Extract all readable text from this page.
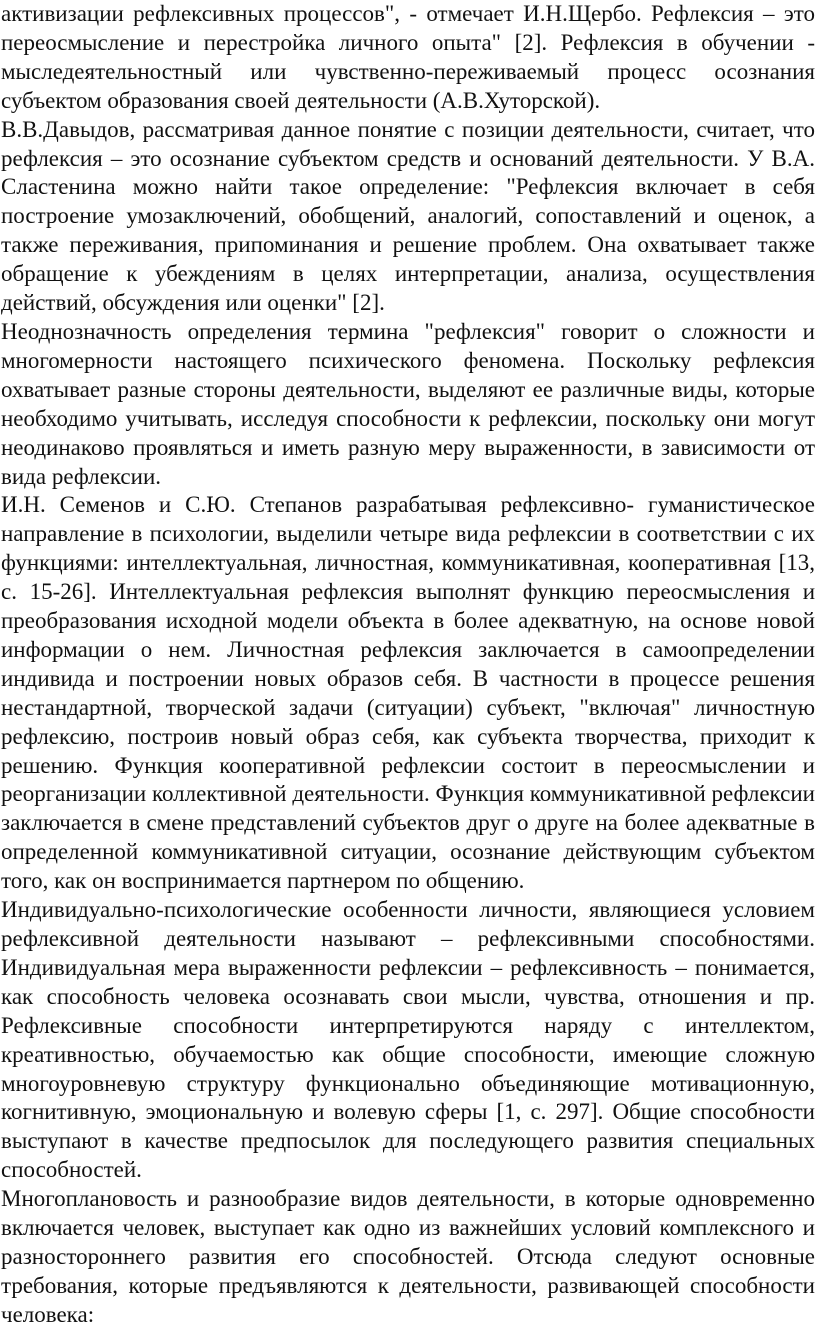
активизации рефлексивных процессов", - отмечает И.Н.Щербо. Рефлексия – это переосмысление и перестройка личного опыта" [2]. Рефлексия в обучении - мыследеятельностный или чувственно-переживаемый процесс осознания субъектом образования своей деятельности (А.В.Хуторской).

В.В.Давыдов, рассматривая данное понятие с позиции деятельности, считает, что рефлексия – это осознание субъектом средств и оснований деятельности. У В.А. Сластенина можно найти такое определение: "Рефлексия включает в себя построение умозаключений, обобщений, аналогий, сопоставлений и оценок, а также переживания, припоминания и решение проблем. Она охватывает также обращение к убеждениям в целях интерпретации, анализа, осуществления действий, обсуждения или оценки" [2].

Неоднозначность определения термина "рефлексия" говорит о сложности и многомерности настоящего психического феномена. Поскольку рефлексия охватывает разные стороны деятельности, выделяют ее различные виды, которые необходимо учитывать, исследуя способности к рефлексии, поскольку они могут неодинаково проявляться и иметь разную меру выраженности, в зависимости от вида рефлексии.

И.Н. Семенов и С.Ю. Степанов разрабатывая рефлексивно- гуманистическое направление в психологии, выделили четыре вида рефлексии в соответствии с их функциями: интеллектуальная, личностная, коммуникативная, кооперативная [13, с. 15-26]. Интеллектуальная рефлексия выполнят функцию переосмысления и преобразования исходной модели объекта в более адекватную, на основе новой информации о нем. Личностная рефлексия заключается в самоопределении индивида и построении новых образов себя. В частности в процессе решения нестандартной, творческой задачи (ситуации) субъект, "включая" личностную рефлексию, построив новый образ себя, как субъекта творчества, приходит к решению. Функция кооперативной рефлексии состоит в переосмыслении и реорганизации коллективной деятельности. Функция коммуникативной рефлексии заключается в смене представлений субъектов друг о друге на более адекватные в определенной коммуникативной ситуации, осознание действующим субъектом того, как он воспринимается партнером по общению.

Индивидуально-психологические особенности личности, являющиеся условием рефлексивной деятельности называют – рефлексивными способностями. Индивидуальная мера выраженности рефлексии – рефлексивность – понимается, как способность человека осознавать свои мысли, чувства, отношения и пр. Рефлексивные способности интерпретируются наряду с интеллектом, креативностью, обучаемостью как общие способности, имеющие сложную многоуровневую структуру функционально объединяющие мотивационную, когнитивную, эмоциональную и волевую сферы [1, с. 297]. Общие способности выступают в качестве предпосылок для последующего развития специальных способностей.

Многоплановость и разнообразие видов деятельности, в которые одновременно включается человек, выступает как одно из важнейших условий комплексного и разностороннего развития его способностей. Отсюда следуют основные требования, которые предъявляются к деятельности, развивающей способности человека:
